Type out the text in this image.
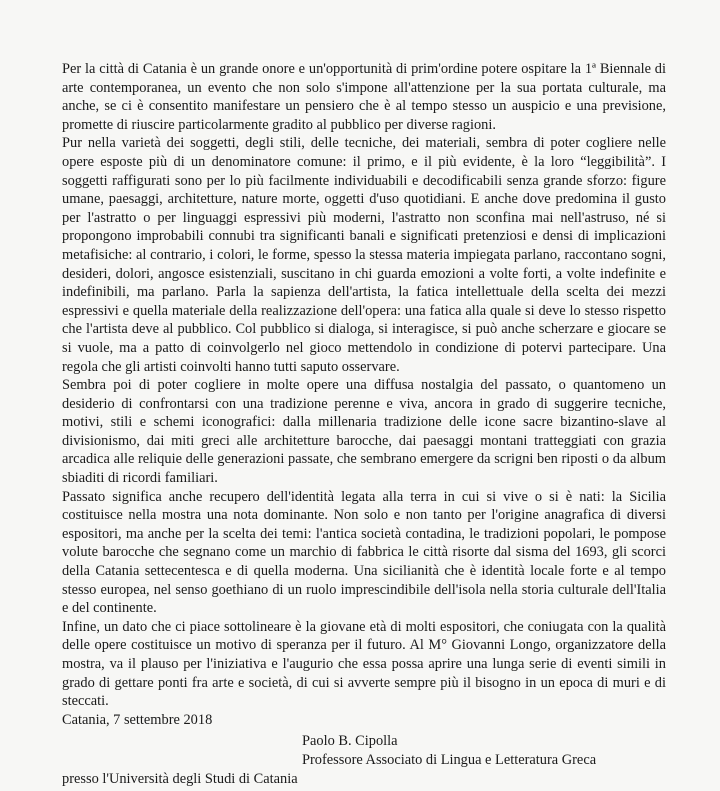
Per la città di Catania è un grande onore e un'opportunità di prim'ordine potere ospitare la 1ª Biennale di arte contemporanea, un evento che non solo s'impone all'attenzione per la sua portata culturale, ma anche, se ci è consentito manifestare un pensiero che è al tempo stesso un auspicio e una previsione, promette di riuscire particolarmente gradito al pubblico per diverse ragioni.

Pur nella varietà dei soggetti, degli stili, delle tecniche, dei materiali, sembra di poter cogliere nelle opere esposte più di un denominatore comune: il primo, e il più evidente, è la loro “leggibilità”. I soggetti raffigurati sono per lo più facilmente individuabili e decodificabili senza grande sforzo: figure umane, paesaggi, architetture, nature morte, oggetti d'uso quotidiani. E anche dove predomina il gusto per l'astratto o per linguaggi espressivi più moderni, l'astratto non sconfina mai nell'astruso, né si propongono improbabili connubi tra significanti banali e significati pretenziosi e densi di implicazioni metafisiche: al contrario, i colori, le forme, spesso la stessa materia impiegata parlano, raccontano sogni, desideri, dolori, angosce esistenziali, suscitano in chi guarda emozioni a volte forti, a volte indefinite e indefinibili, ma parlano. Parla la sapienza dell'artista, la fatica intellettuale della scelta dei mezzi espressivi e quella materiale della realizzazione dell'opera: una fatica alla quale si deve lo stesso rispetto che l'artista deve al pubblico. Col pubblico si dialoga, si interagisce, si può anche scherzare e giocare se si vuole, ma a patto di coinvolgerlo nel gioco mettendolo in condizione di potervi partecipare. Una regola che gli artisti coinvolti hanno tutti saputo osservare.

Sembra poi di poter cogliere in molte opere una diffusa nostalgia del passato, o quantomeno un desiderio di confrontarsi con una tradizione perenne e viva, ancora in grado di suggerire tecniche, motivi, stili e schemi iconografici: dalla millenaria tradizione delle icone sacre bizantino-slave al divisionismo, dai miti greci alle architetture barocche, dai paesaggi montani tratteggiati con grazia arcadica alle reliquie delle generazioni passate, che sembrano emergere da scrigni ben riposti o da album sbiaditi di ricordi familiari.

Passato significa anche recupero dell'identità legata alla terra in cui si vive o si è nati: la Sicilia costituisce nella mostra una nota dominante. Non solo e non tanto per l'origine anagrafica di diversi espositori, ma anche per la scelta dei temi: l'antica società contadina, le tradizioni popolari, le pompose volute barocche che segnano come un marchio di fabbrica le città risorte dal sisma del 1693, gli scorci della Catania settecentesca e di quella moderna. Una sicilianità che è identità locale forte e al tempo stesso europea, nel senso goethiano di un ruolo imprescindibile dell'isola nella storia culturale dell'Italia e del continente.

Infine, un dato che ci piace sottolineare è la giovane età di molti espositori, che coniugata con la qualità delle opere costituisce un motivo di speranza per il futuro. Al M° Giovanni Longo, organizzatore della mostra, va il plauso per l'iniziativa e l'augurio che essa possa aprire una lunga serie di eventi simili in grado di gettare ponti fra arte e società, di cui si avverte sempre più il bisogno in un epoca di muri e di steccati.

Catania, 7 settembre 2018

Paolo B. Cipolla
Professore Associato di Lingua e Letteratura Greca

presso l'Università degli Studi di Catania
